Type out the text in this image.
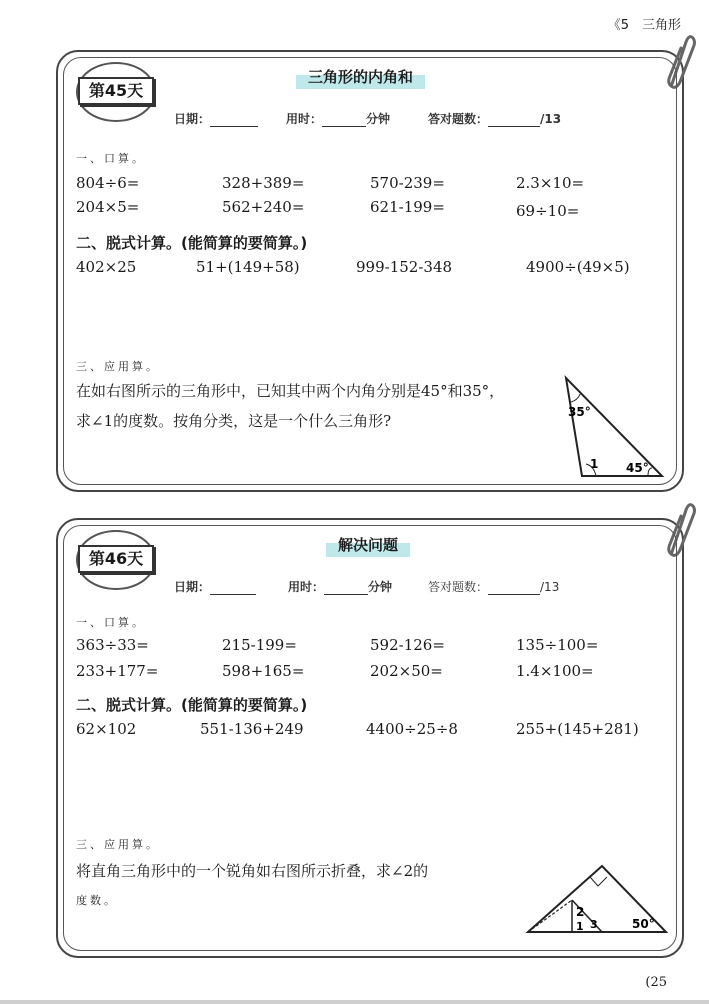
《5　三角形
三角形的内角和
第45天
日期：	用时：	分钟	答对题数：	/13
一、口算。
804÷6=	328+389=	570-239=	2.3×10=
204×5=	562+240=	621-199=	69÷10=
二、脱式计算。(能简算的要简算。)
402×25	51+(149+58)	999-152-348	4900÷(49×5)
三、应用算。
在如右图所示的三角形中，已知其中两个内角分别是45°和35°，
求∠1的度数。按角分类，这是一个什么三角形?	35°
1 45°
解决问题
第46天
日期：	用时：	分钟	答对题数：	/13
一、口算。
363÷33=	215-199=	592-126=	135÷100=
233+177=	598+165=	202×50=	1.4×100=
二、脱式计算。(能简算的要简算。)
62×102	551-136+249	4400÷25÷8	255+(145+281)
三、应用算。
将直角三角形中的一个锐角如右图所示折叠，求∠2的
度数。
2
1 3	50°
(25
